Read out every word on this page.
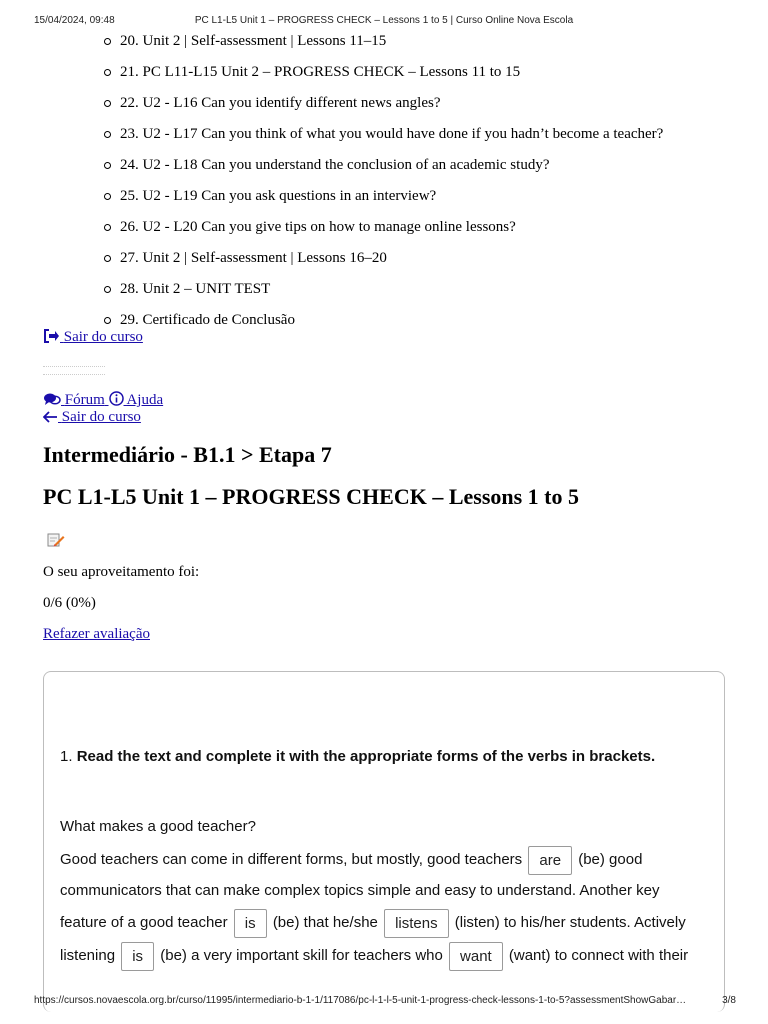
15/04/2024, 09:48	PC L1-L5 Unit 1 – PROGRESS CHECK – Lessons 1 to 5 | Curso Online Nova Escola
20. Unit 2 | Self-assessment | Lessons 11–15
21. PC L11-L15 Unit 2 – PROGRESS CHECK – Lessons 11 to 15
22. U2 - L16 Can you identify different news angles?
23. U2 - L17 Can you think of what you would have done if you hadn’t become a teacher?
24. U2 - L18 Can you understand the conclusion of an academic study?
25. U2 - L19 Can you ask questions in an interview?
26. U2 - L20 Can you give tips on how to manage online lessons?
27. Unit 2 | Self-assessment | Lessons 16–20
28. Unit 2 – UNIT TEST
29. Certificado de Conclusão
Sair do curso
Fórum Ajuda
Sair do curso
Intermediário - B1.1 > Etapa 7
PC L1-L5 Unit 1 – PROGRESS CHECK – Lessons 1 to 5
O seu aproveitamento foi:
0/6 (0%)
Refazer avaliação
1. Read the text and complete it with the appropriate forms of the verbs in brackets.
What makes a good teacher?
Good teachers can come in different forms, but mostly, good teachers are (be) good
communicators that can make complex topics simple and easy to understand. Another key
feature of a good teacher is (be) that he/she listens (listen) to his/her students. Actively
listening is (be) a very important skill for teachers who want (want) to connect with their
https://cursos.novaescola.org.br/curso/11995/intermediario-b-1-1/117086/pc-l-1-l-5-unit-1-progress-check-lessons-1-to-5?assessmentShowGabar…	3/8
